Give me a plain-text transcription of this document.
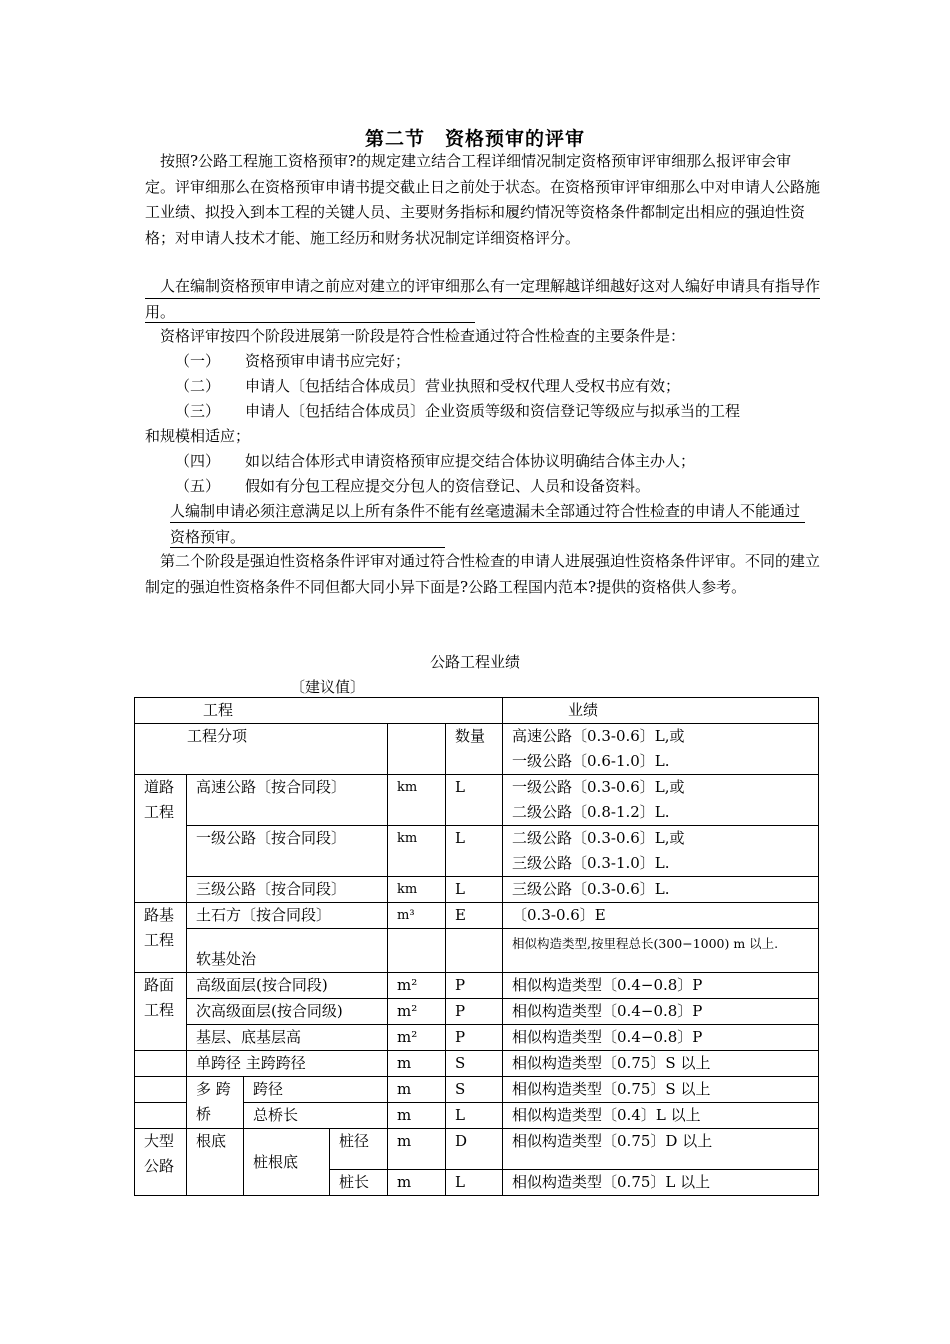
第二节　资格预审的评审

按照?公路工程施工资格预审?的规定建立结合工程详细情况制定资格预审评审细那么报评审会审定。评审细那么在资格预审申请书提交截止日之前处于状态。在资格预审评审细那么中对申请人公路施工业绩、拟投入到本工程的关键人员、主要财务指标和履约情况等资格条件都制定出相应的强迫性资格；对申请人技术才能、施工经历和财务状况制定详细资格评分。

人在编制资格预审申请之前应对建立的评审细那么有一定理解越详细越好这对人编好申请具有指导作用。

资格评审按四个阶段进展第一阶段是符合性检查通过符合性检查的主要条件是：

（一） 资格预审申请书应完好；
（二） 申请人〔包括结合体成员〕营业执照和受权代理人受权书应有效；
（三） 申请人〔包括结合体成员〕企业资质等级和资信登记等级应与拟承当的工程
和规模相适应；
（四） 如以结合体形式申请资格预审应提交结合体协议明确结合体主办人；
（五） 假如有分包工程应提交分包人的资信登记、人员和设备资料。

人编制申请必须注意满足以上所有条件不能有丝毫遗漏未全部通过符合性检查的申请人不能通过资格预审。

第二个阶段是强迫性资格条件评审对通过符合性检查的申请人进展强迫性资格条件评审。不同的建立制定的强迫性资格条件不同但都大同小异下面是?公路工程国内范本?提供的资格供人参考。

公路工程业绩
〔建议值〕
工程						业绩
工程分项					数量	高速公路〔0.3-0.6〕L,或
一级公路〔0.6-1.0〕L.

道路工程	高速公路〔按合同段〕			km	L	一级公路〔0.3-0.6〕L,或
二级公路〔0.8-1.2〕L.

	一级公路〔按合同段〕			km	L	二级公路〔0.3-0.6〕L,或
三级公路〔0.3-1.0〕L.

	三级公路〔按合同段〕			km	L	三级公路〔0.3-0.6〕L.
路基工程	土石方〔按合同段〕			m³	E	〔0.3-0.6〕E
	软基处治					相似构造类型,按里程总长(300−1000) m 以上.
路面工程	高级面层(按合同段)			m²	P	相似构造类型〔0.4−0.8〕P
	次高级面层(按合同级)			m²	P	相似构造类型〔0.4−0.8〕P
	基层、底基层高			m²	P	相似构造类型〔0.4−0.8〕P
	单跨径 主跨跨径			m	S	相似构造类型〔0.75〕S 以上
	多 跨桥	跨径		m	S	相似构造类型〔0.75〕S 以上
		总桥长		m	L	相似构造类型〔0.4〕L 以上
大型公路	根底	桩根底	桩径	m	D	相似构造类型〔0.75〕D 以上
			桩长	m	L	相似构造类型〔0.75〕L 以上
